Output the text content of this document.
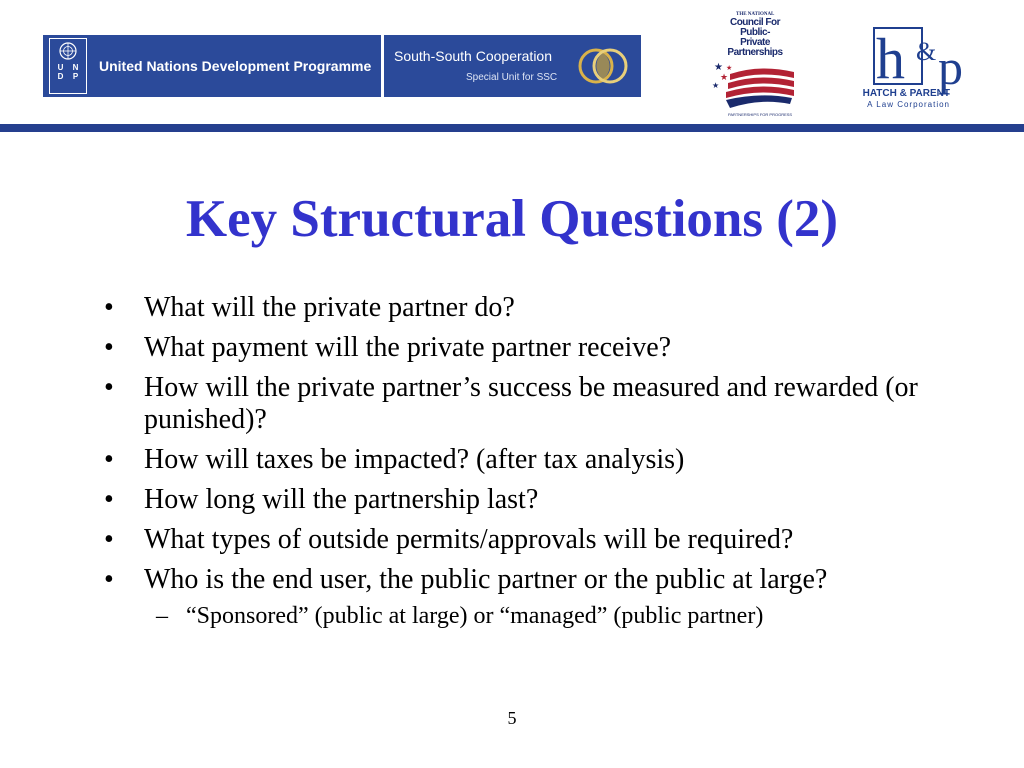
U	N
D	P
United Nations Development Programme
South-South Cooperation
Special Unit for SSC
THE NATIONAL
Council For Public-Private Partnerships
★
★
★
★
PARTNERSHIPS FOR PROGRESS
h & p
HATCH & PARENT
A Law Corporation
Key Structural Questions (2)
• What will the private partner do?
• What payment will the private partner receive?
• How will the private partner’s success be measured and rewarded (or punished)?
• How will taxes be impacted? (after tax analysis)
• How long will the partnership last?
• What types of outside permits/approvals will be required?
• Who is the end user, the public partner or the public at large?
– “Sponsored” (public at large) or “managed” (public partner)
5
